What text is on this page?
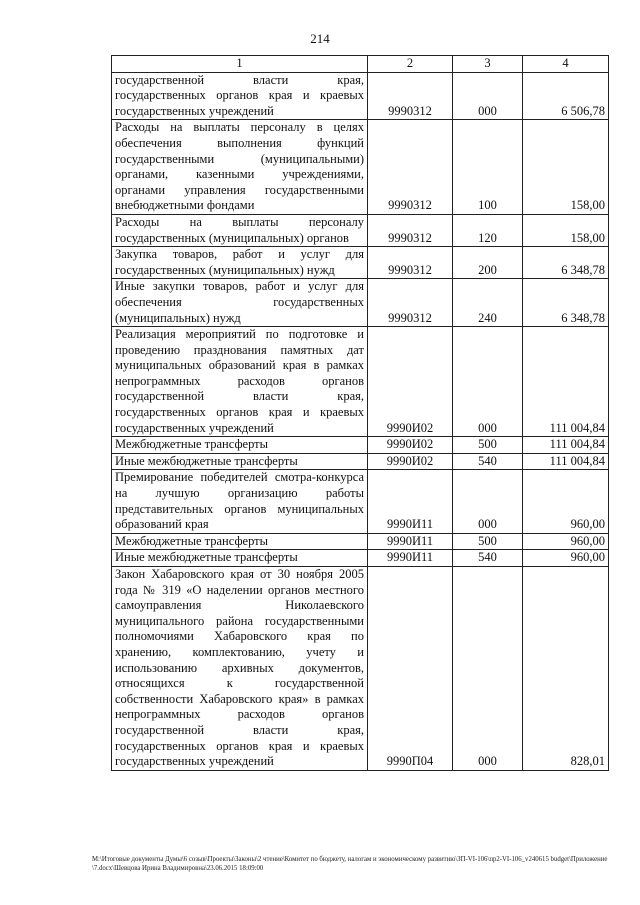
214
1	2	3	4
государственной власти края, государственных органов края и краевых государственных учреждений	9990312	000	6 506,78
Расходы на выплаты персоналу в целях обеспечения выполнения функций государственными (муниципальными) органами, казенными учреждениями, органами управления государственными внебюджетными фондами	9990312	100	158,00
Расходы на выплаты персоналу государственных (муниципальных) органов	9990312	120	158,00
Закупка товаров, работ и услуг для государственных (муниципальных) нужд	9990312	200	6 348,78
Иные закупки товаров, работ и услуг для обеспечения государственных (муниципальных) нужд	9990312	240	6 348,78
Реализация мероприятий по подготовке и проведению празднования памятных дат муниципальных образований края в рамках непрограммных расходов органов государственной власти края, государственных органов края и краевых государственных учреждений	9990И02	000	111 004,84
Межбюджетные трансферты	9990И02	500	111 004,84
Иные межбюджетные трансферты	9990И02	540	111 004,84
Премирование победителей смотра-конкурса на лучшую организацию работы представительных органов муниципальных образований края	9990И11	000	960,00
Межбюджетные трансферты	9990И11	500	960,00
Иные межбюджетные трансферты	9990И11	540	960,00
Закон Хабаровского края от 30 ноября 2005 года № 319 «О наделении органов местного самоуправления Николаевского муниципального района государственными полномочиями Хабаровского края по хранению, комплектованию, учету и использованию архивных документов, относящихся к государственной собственности Хабаровского края» в рамках непрограммных расходов органов государственной власти края, государственных органов края и краевых государственных учреждений	9990П04	000	828,01
M:\Итоговые документы Думы\6 созыв\Проекты\Законы\2 чтение\Комитет по бюджету, налогам и экономическому развитию\ЗП-VI-106\пр2-VI-106_v240615 budget\Приложение\7.docx\Шевцова Ирина Владимировна\23.06.2015 18:09:00
